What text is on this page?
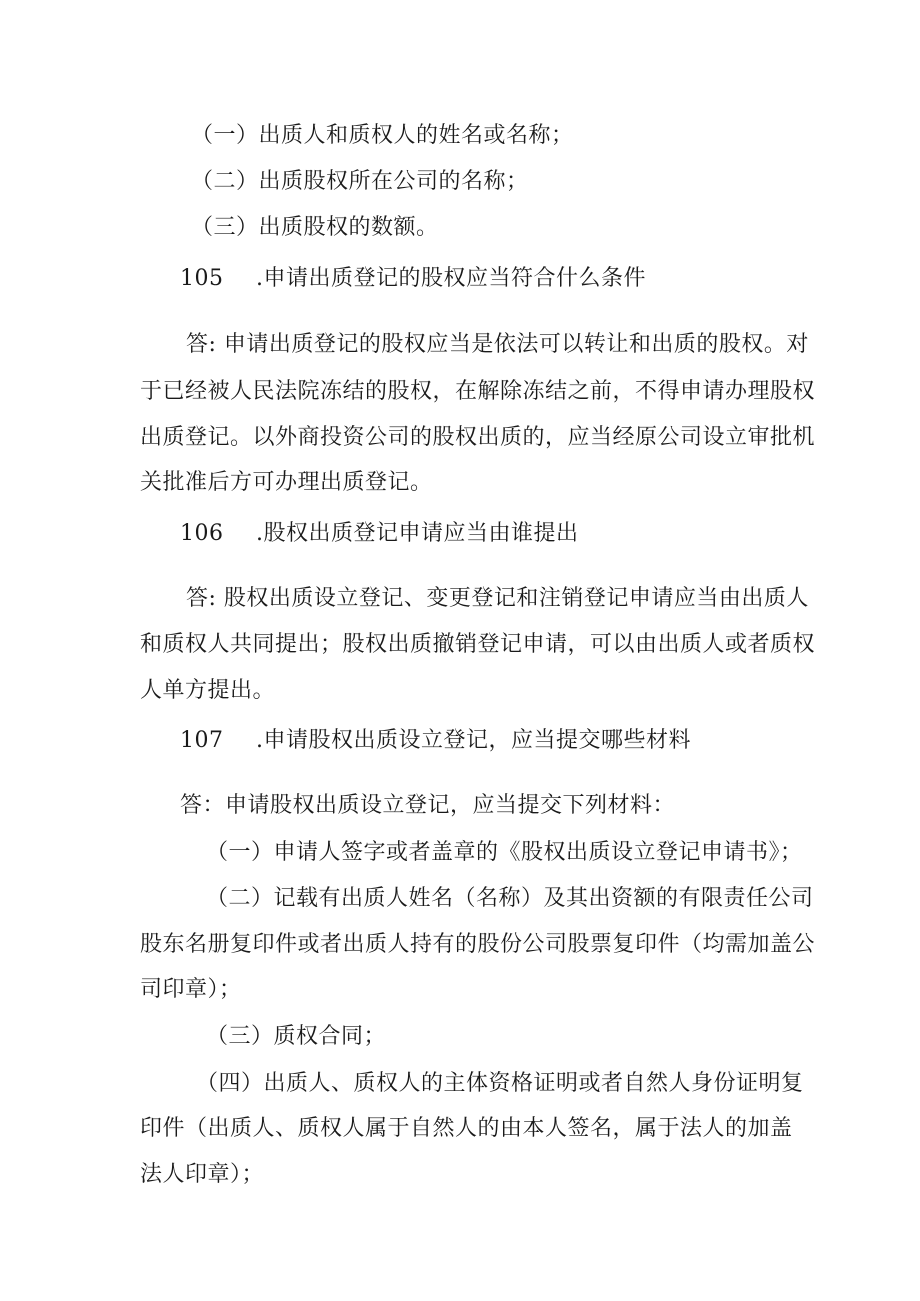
（一）出质人和质权人的姓名或名称；
（二）出质股权所在公司的名称；
（三）出质股权的数额。
105 .申请出质登记的股权应当符合什么条件
答: 申请出质登记的股权应当是依法可以转让和出质的股权。对
于已经被人民法院冻结的股权，在解除冻结之前，不得申请办理股权
出质登记。以外商投资公司的股权出质的，应当经原公司设立审批机
关批准后方可办理出质登记。
106 .股权出质登记申请应当由谁提出
答: 股权出质设立登记、变更登记和注销登记申请应当由出质人
和质权人共同提出；股权出质撤销登记申请，可以由出质人或者质权
人单方提出。
107 .申请股权出质设立登记，应当提交哪些材料
答：申请股权出质设立登记，应当提交下列材料：
（一）申请人签字或者盖章的《股权出质设立登记申请书》；
（二）记载有出质人姓名（名称）及其出资额的有限责任公司
股东名册复印件或者出质人持有的股份公司股票复印件（均需加盖公
司印章）；
（三）质权合同；
（四）出质人、质权人的主体资格证明或者自然人身份证明复
印件（出质人、质权人属于自然人的由本人签名，属于法人的加盖
法人印章）；
